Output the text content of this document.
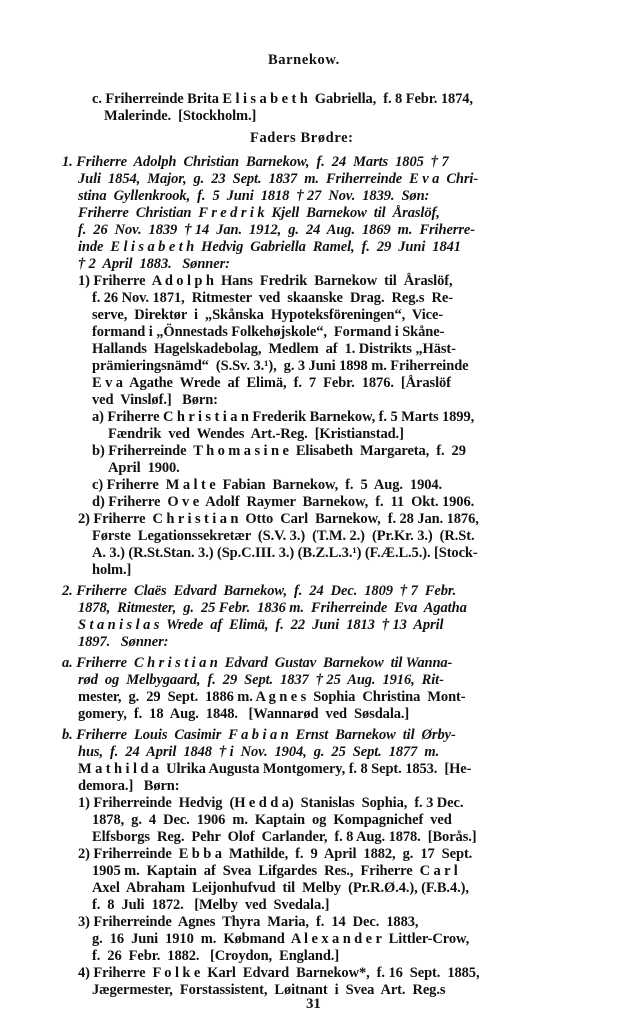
Barnekow.
c. Friherreinde Brita E l i s a b e t h  Gabriella,  f. 8 Febr. 1874,
Malerinde.  [Stockholm.]
Faders Brødre:
1. Friherre  Adolph  Christian  Barnekow,  f.  24  Marts  1805  † 7
Juli  1854,  Major,  g.  23  Sept.  1837  m.  Friherreinde  E v a  Chri-
stina  Gyllenkrook,  f.  5  Juni  1818  † 27  Nov.  1839.  Søn:
Friherre  Christian  F r e d r i k  Kjell  Barnekow  til  Åraslöf,
f.  26  Nov.  1839  † 14  Jan.  1912,  g.  24  Aug.  1869  m.  Friherre-
inde  E l i s a b e t h  Hedvig  Gabriella  Ramel,  f.  29  Juni  1841
† 2  April  1883.   Sønner:
1) Friherre  A d o l p h  Hans  Fredrik  Barnekow  til  Åraslöf,
f. 26 Nov. 1871,  Ritmester  ved  skaanske  Drag.  Reg.s  Re-
serve,  Direktør  i  „Skånska  Hypoteksföreningen“,  Vice-
formand i „Önnestads Folkehøjskole“,  Formand i Skåne-
Hallands  Hagelskadebolag,  Medlem  af  1. Distrikts „Häst-
prämieringsnämd“  (S.Sv. 3.¹),  g. 3 Juni 1898 m. Friherreinde
E v a  Agathe  Wrede  af  Elimä,  f.  7  Febr.  1876.  [Åraslöf
ved  Vinsløf.]   Børn:
a) Friherre C h r i s t i a n Frederik Barnekow, f. 5 Marts 1899,
Fændrik  ved  Wendes  Art.-Reg.  [Kristianstad.]
b) Friherreinde  T h o m a s i n e  Elisabeth  Margareta,  f.  29
April  1900.
c) Friherre  M a l t e  Fabian  Barnekow,  f.  5  Aug.  1904.
d) Friherre  O v e  Adolf  Raymer  Barnekow,  f.  11  Okt. 1906.
2) Friherre  C h r i s t i a n  Otto  Carl  Barnekow,  f. 28 Jan. 1876,
Første  Legationssekretær  (S.V. 3.)  (T.M. 2.)  (Pr.Kr. 3.)  (R.St.
A. 3.) (R.St.Stan. 3.) (Sp.C.III. 3.) (B.Z.L.3.¹) (F.Æ.L.5.). [Stock-
holm.]
2. Friherre  Claës  Edvard  Barnekow,  f.  24  Dec.  1809  † 7  Febr.
1878,  Ritmester,  g.  25 Febr.  1836 m.  Friherreinde  Eva  Agatha
S t a n i s l a s  Wrede  af  Elimä,  f.  22  Juni  1813  † 13  April
1897.   Sønner:
a. Friherre  C h r i s t i a n  Edvard  Gustav  Barnekow  til Wanna-
rød  og  Melbygaard,  f.  29  Sept.  1837  † 25  Aug.  1916,  Rit-
mester,  g.  29  Sept.  1886 m. A g n e s  Sophia  Christina  Mont-
gomery,  f.  18  Aug.  1848.   [Wannarød  ved  Søsdala.]
b. Friherre  Louis  Casimir  F a b i a n  Ernst  Barnekow  til  Ørby-
hus,  f.  24  April  1848  † i  Nov.  1904,  g.  25  Sept.  1877  m.
M a t h i l d a  Ulrika Augusta Montgomery, f. 8 Sept. 1853.  [He-
demora.]   Børn:
1) Friherreinde  Hedvig  (H e d d a)  Stanislas  Sophia,  f. 3 Dec.
1878,  g.  4  Dec.  1906  m.  Kaptain  og  Kompagnichef  ved
Elfsborgs  Reg.  Pehr  Olof  Carlander,  f. 8 Aug. 1878.  [Borås.]
2) Friherreinde  E b b a  Mathilde,  f.  9  April  1882,  g.  17  Sept.
1905 m.  Kaptain  af  Svea  Lifgardes  Res.,  Friherre  C a r l
Axel  Abraham  Leijonhufvud  til  Melby  (Pr.R.Ø.4.), (F.B.4.),
f.  8  Juli  1872.   [Melby  ved  Svedala.]
3) Friherreinde  Agnes  Thyra  Maria,  f.  14  Dec.  1883,
g.  16  Juni  1910  m.  Købmand  A l e x a n d e r  Littler-Crow,
f.  26  Febr.  1882.   [Croydon,  England.]
4) Friherre  F o l k e  Karl  Edvard  Barnekow*,  f. 16  Sept.  1885,
Jægermester,  Forstassistent,  Løitnant  i  Svea  Art.  Reg.s
31
